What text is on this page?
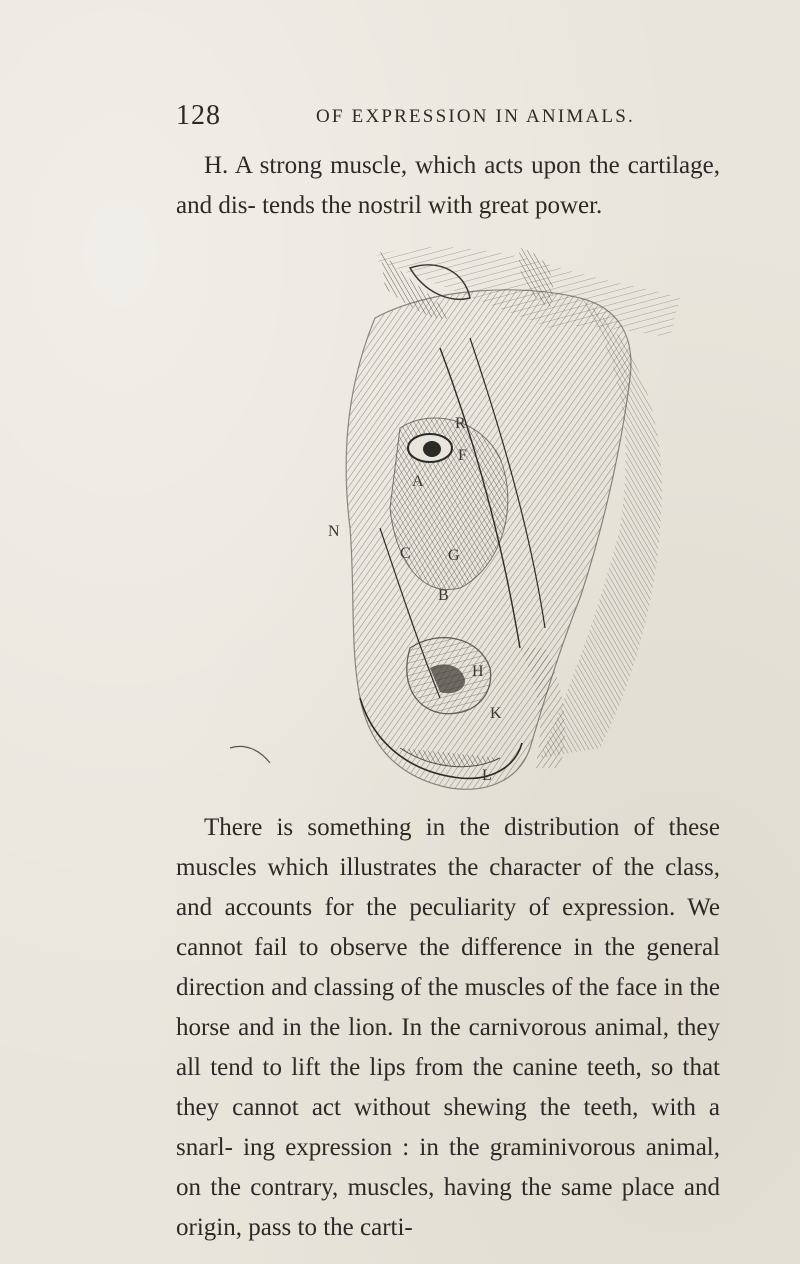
128	OF EXPRESSION IN ANIMALS.
H. A strong muscle, which acts upon the cartilage, and dis- tends the nostril with great power.
R
N
C G
A
F
H
K
L
B
There is something in the distribution of these muscles which illustrates the character of the class, and accounts for the peculiarity of expression. We cannot fail to observe the difference in the general direction and classing of the muscles of the face in the horse and in the lion. In the carnivorous animal, they all tend to lift the lips from the canine teeth, so that they cannot act without shewing the teeth, with a snarl- ing expression : in the graminivorous animal, on the contrary, muscles, having the same place and origin, pass to the carti-
